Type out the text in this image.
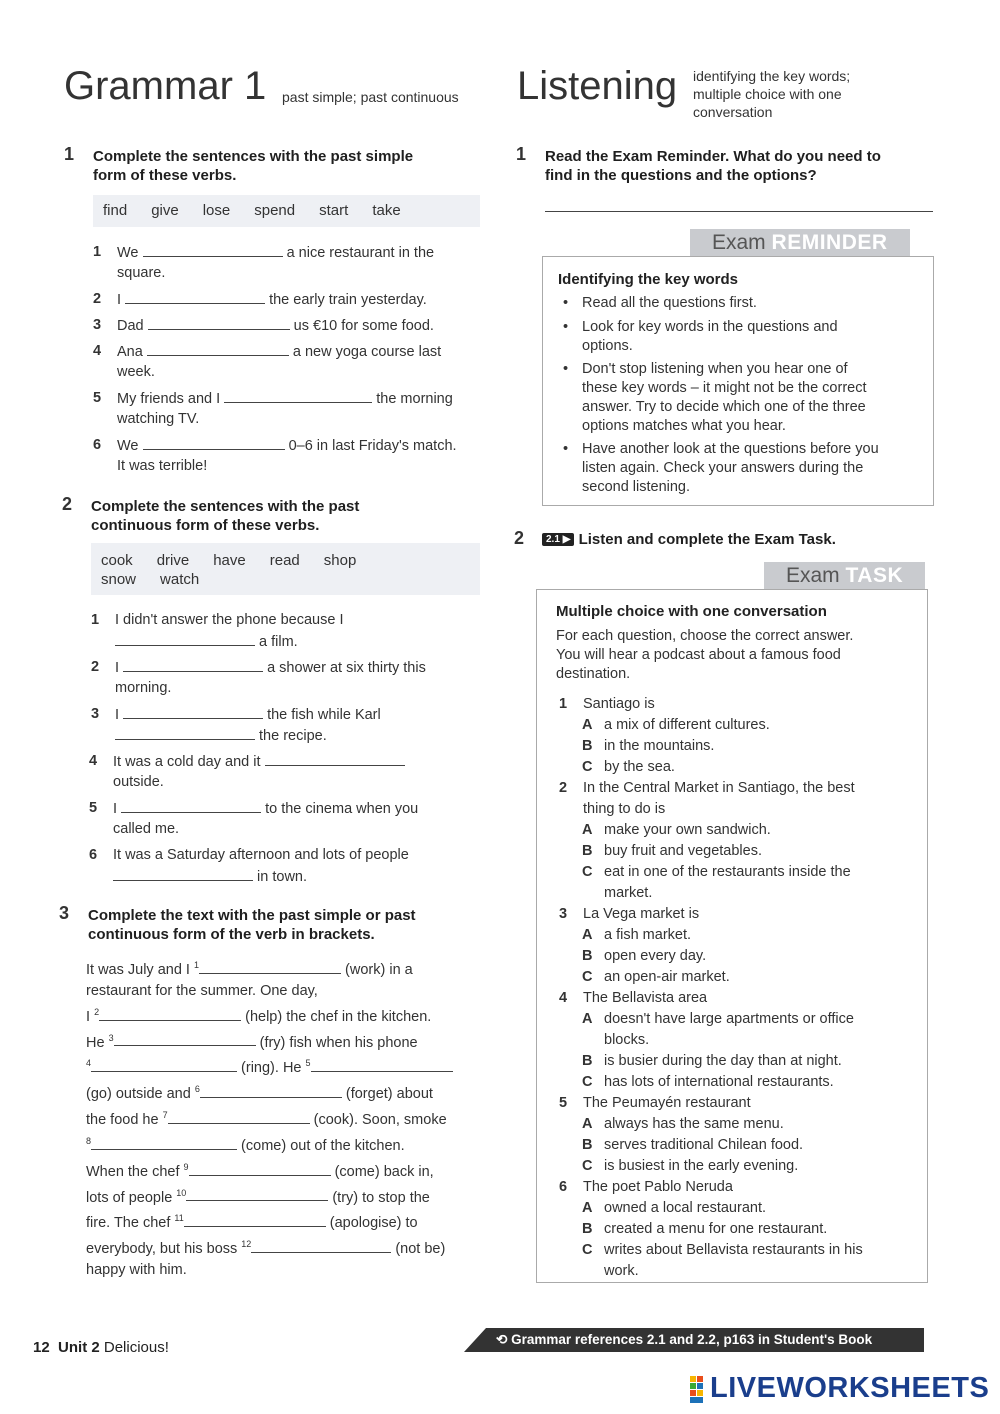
Grammar 1 past simple; past continuous
1 Complete the sentences with the past simple
form of these verbs.
find give lose spend start take
1 We	a nice restaurant in the
square.
2 I	the early train yesterday.
3 Dad	us €10 for some food.
4 Ana	a new yoga course last
week.
5 My friends and I	the morning
watching TV.
6 We	0–6 in last Friday's match.
It was terrible!
2 Complete the sentences with the past
continuous form of these verbs.
cook drive have read shop
snow watch
1 I didn't answer the phone because I
a film.
2 I	a shower at six thirty this
morning.
3 I	the fish while Karl
the recipe.
4 It was a cold day and it
outside.
5 I	to the cinema when you
called me.
6 It was a Saturday afternoon and lots of people
in town.
3 Complete the text with the past simple or past
continuous form of the verb in brackets.
It was July and I $^1$	(work) in a
restaurant for the summer. One day,
I $^2$	(help) the chef in the kitchen.
He $^3$	(fry) fish when his phone
$^4$	(ring). He $^5$
(go) outside and $^6$	(forget) about
the food he $^7$	(cook). Soon, smoke
$^8$	(come) out of the kitchen.
When the chef $^9$	(come) back in,
lots of people $^{10}$	(try) to stop the
fire. The chef $^{11}$	(apologise) to
everybody, but his boss $^{12}$	(not be)
happy with him.
Listening identifying the key words;
multiple choice with one
conversation
1 Read the Exam Reminder. What do you need to
find in the questions and the options?
Exam REMINDER
Identifying the key words
• Read all the questions first.
• Look for key words in the questions and
options.
• Don't stop listening when you hear one of
these key words – it might not be the correct
answer. Try to decide which one of the three
options matches what you hear.
• Have another look at the questions before you
listen again. Check your answers during the
second listening.
2	2.1 ▶ Listen and complete the Exam Task.
Exam TASK
Multiple choice with one conversation
For each question, choose the correct answer.
You will hear a podcast about a famous food
destination.
1 Santiago is
A a mix of different cultures.
B in the mountains.
C by the sea.
2 In the Central Market in Santiago, the best
thing to do is
A make your own sandwich.
B buy fruit and vegetables.
C eat in one of the restaurants inside the
market.
3 La Vega market is
A a fish market.
B open every day.
C an open-air market.
4 The Bellavista area
A doesn't have large apartments or office
blocks.
B is busier during the day than at night.
C has lots of international restaurants.
5 The Peumayén restaurant
A always has the same menu.
B serves traditional Chilean food.
C is busiest in the early evening.
6 The poet Pablo Neruda
A owned a local restaurant.
B created a menu for one restaurant.
C writes about Bellavista restaurants in his
work.
12 Unit 2 Delicious!	⟲ Grammar references 2.1 and 2.2, p163 in Student's Book
LIVEWORKSHEETS
